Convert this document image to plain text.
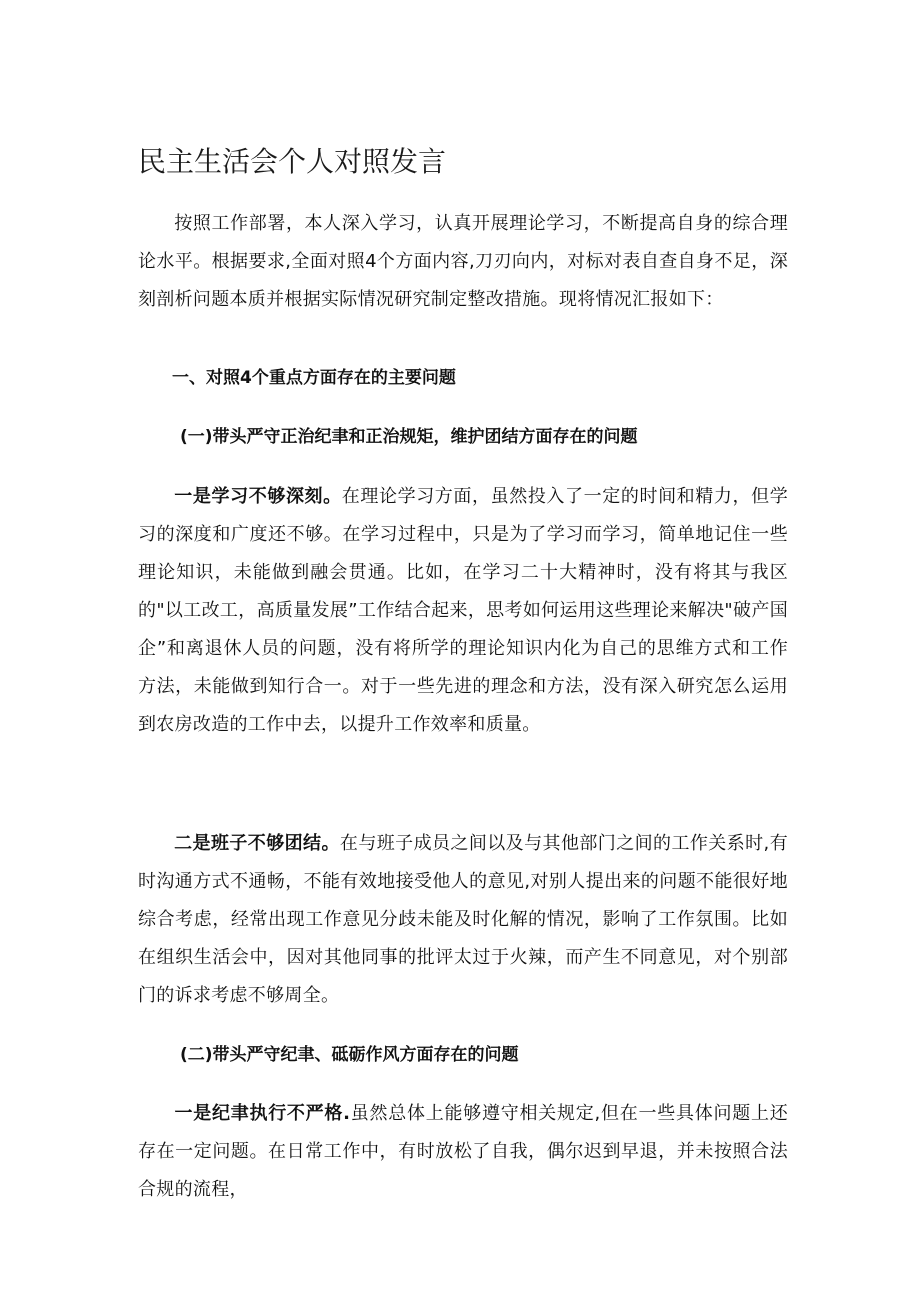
民主生活会个人对照发言

按照工作部署，本人深入学习，认真开展理论学习，不断提高自身的综合理论水平。根据要求,全面对照4个方面内容,刀刃向内，对标对表自查自身不足，深刻剖析问题本质并根据实际情况研究制定整改措施。现将情况汇报如下：

一、对照4个重点方面存在的主要问题

(一)带头严守正治纪聿和正治规矩，维护团结方面存在的问题

一是学习不够深刻。在理论学习方面，虽然投入了一定的时间和精力，但学习的深度和广度还不够。在学习过程中，只是为了学习而学习，简单地记住一些理论知识，未能做到融会贯通。比如，在学习二十大精神时，没有将其与我区的"以工改工，高质量发展”工作结合起来，思考如何运用这些理论来解决"破产国企”和离退休人员的问题，没有将所学的理论知识内化为自己的思维方式和工作方法，未能做到知行合一。对于一些先进的理念和方法，没有深入研究怎么运用到农房改造的工作中去，以提升工作效率和质量。

二是班子不够团结。在与班子成员之间以及与其他部门之间的工作关系时,有时沟通方式不通畅，不能有效地接受他人的意见,对别人提出来的问题不能很好地综合考虑，经常出现工作意见分歧未能及时化解的情况，影响了工作氛围。比如在组织生活会中，因对其他同事的批评太过于火辣，而产生不同意见，对个别部门的诉求考虑不够周全。

(二)带头严守纪聿、砥砺作风方面存在的问题

一是纪聿执行不严格.虽然总体上能够遵守相关规定,但在一些具体问题上还存在一定问题。在日常工作中，有时放松了自我，偶尔迟到早退，并未按照合法合规的流程，
